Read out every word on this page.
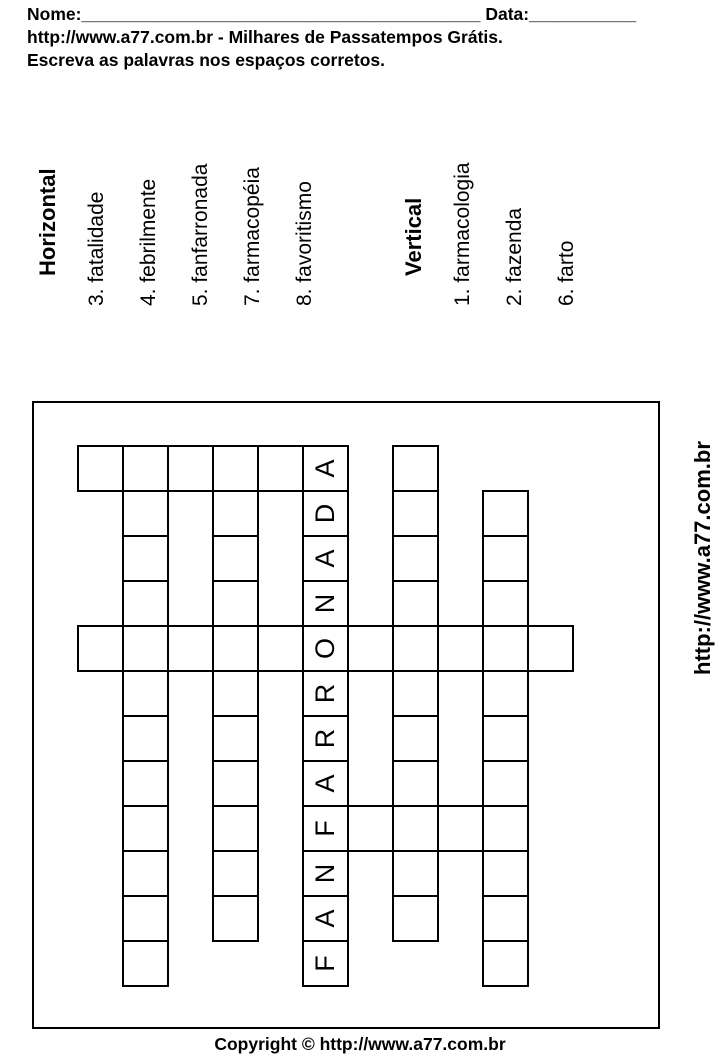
Nome:_________________________________________ Data:___________
http://www.a77.com.br - Milhares de Passatempos Grátis.
Escreva as palavras nos espaços corretos.
Horizontal 3. fatalidade 4. febrilmente 5. fanfarronada 7. farmacopéia 8. favoritismo	Vertical 1. farmacologia 2. fazenda 6. farto
http://www.a77.com.br
A
D
A
N
O
R
R
A
F
N
A
F
Copyright © http://www.a77.com.br
